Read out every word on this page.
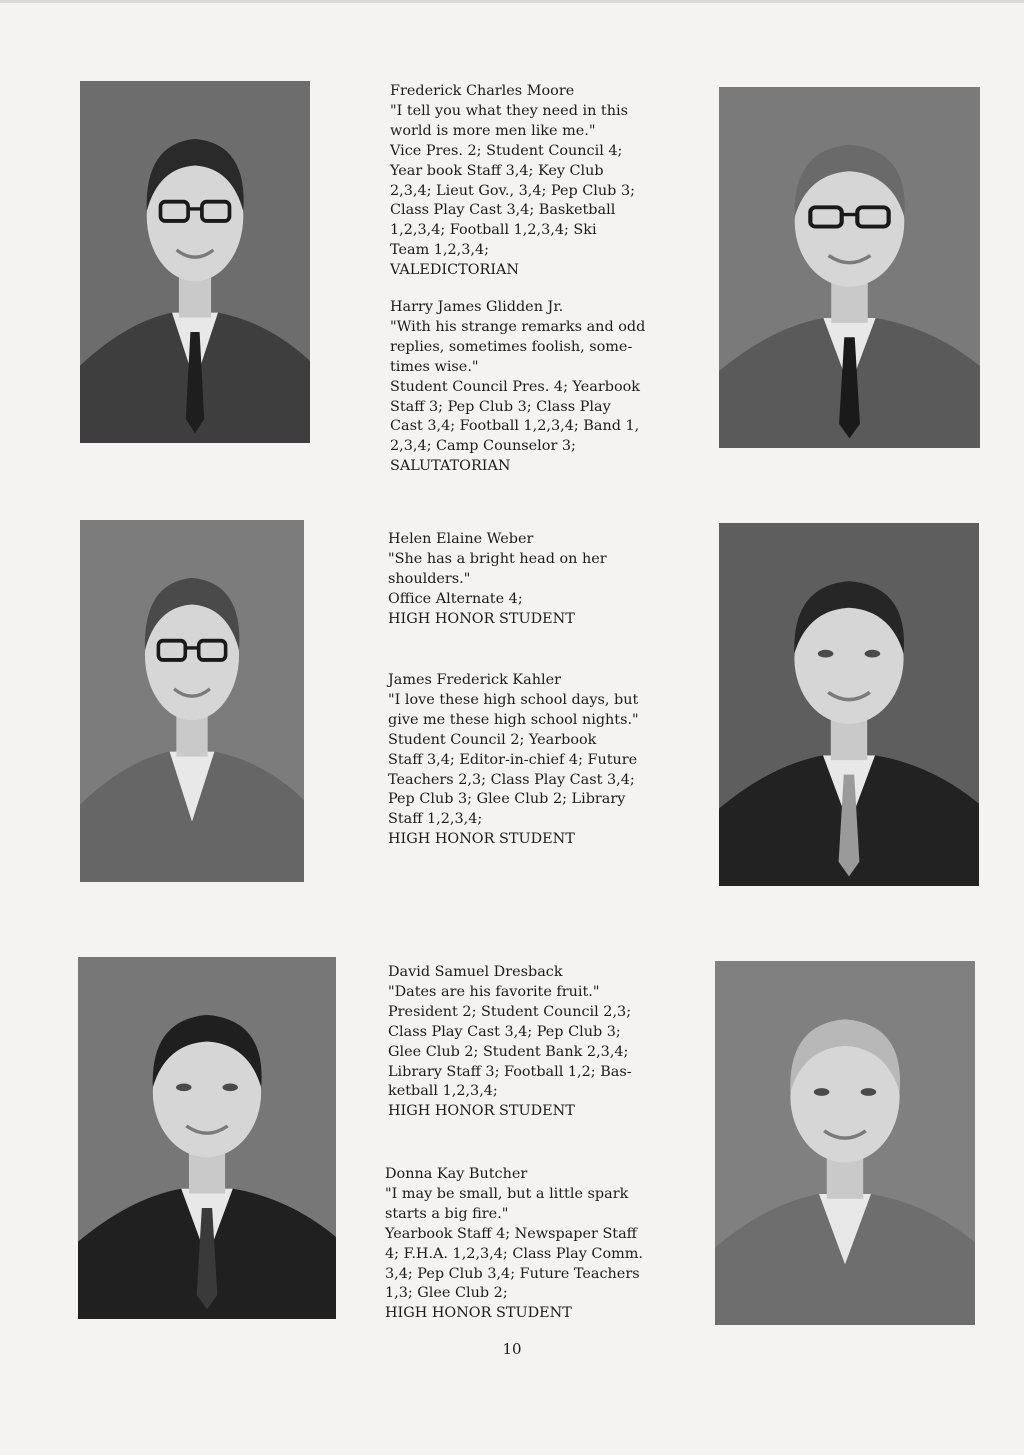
Frederick Charles Moore
"I tell you what they need in this
world is more men like me."
Vice Pres. 2; Student Council 4;
Year book Staff 3,4; Key Club
2,3,4; Lieut Gov., 3,4; Pep Club 3;
Class Play Cast 3,4; Basketball
1,2,3,4; Football 1,2,3,4; Ski
Team 1,2,3,4;
VALEDICTORIAN
Harry James Glidden Jr.
"With his strange remarks and odd
replies, sometimes foolish, some-
times wise."
Student Council Pres. 4; Yearbook
Staff 3; Pep Club 3; Class Play
Cast 3,4; Football 1,2,3,4; Band 1,
2,3,4; Camp Counselor 3;
SALUTATORIAN
Helen Elaine Weber
"She has a bright head on her
shoulders."
Office Alternate 4;
HIGH HONOR STUDENT
James Frederick Kahler
"I love these high school days, but
give me these high school nights."
Student Council 2; Yearbook
Staff 3,4; Editor-in-chief 4; Future
Teachers 2,3; Class Play Cast 3,4;
Pep Club 3; Glee Club 2; Library
Staff 1,2,3,4;
HIGH HONOR STUDENT
David Samuel Dresback
"Dates are his favorite fruit."
President 2; Student Council 2,3;
Class Play Cast 3,4; Pep Club 3;
Glee Club 2; Student Bank 2,3,4;
Library Staff 3; Football 1,2; Bas-
ketball 1,2,3,4;
HIGH HONOR STUDENT
Donna Kay Butcher
"I may be small, but a little spark
starts a big fire."
Yearbook Staff 4; Newspaper Staff
4; F.H.A. 1,2,3,4; Class Play Comm.
3,4; Pep Club 3,4; Future Teachers
1,3; Glee Club 2;
HIGH HONOR STUDENT
10
